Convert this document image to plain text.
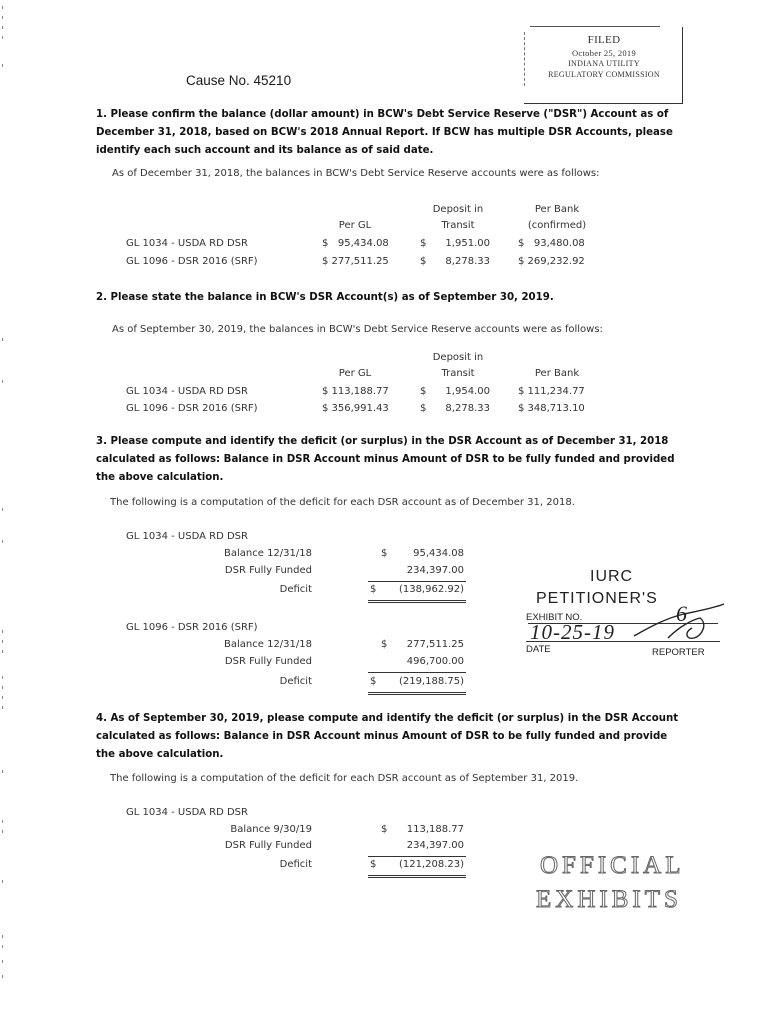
Cause No. 45210
FILED
October 25, 2019
INDIANA UTILITY
REGULATORY COMMISSION
1. Please confirm the balance (dollar amount) in BCW's Debt Service Reserve ("DSR") Account as of December 31, 2018, based on BCW's 2018 Annual Report. If BCW has multiple DSR Accounts, please identify each such account and its balance as of said date.
As of December 31, 2018, the balances in BCW's Debt Service Reserve accounts were as follows:
Per GL
Deposit in
Transit
Per Bank
(confirmed)
GL 1034 - USDA RD DSR	$   95,434.08	$      1,951.00	$   93,480.08
GL 1096 - DSR 2016 (SRF)	$ 277,511.25	$      8,278.33	$ 269,232.92
2. Please state the balance in BCW's DSR Account(s) as of September 30, 2019.
As of September 30, 2019, the balances in BCW's Debt Service Reserve accounts were as follows:
Per GL
Deposit in
Transit	Per Bank
GL 1034 - USDA RD DSR	$ 113,188.77	$      1,954.00	$ 111,234.77
GL 1096 - DSR 2016 (SRF)	$ 356,991.43	$      8,278.33	$ 348,713.10
3. Please compute and identify the deficit (or surplus) in the DSR Account as of December 31, 2018 calculated as follows: Balance in DSR Account minus Amount of DSR to be fully funded and provided the above calculation.
The following is a computation of the deficit for each DSR account as of December 31, 2018.
GL 1034 - USDA RD DSR
Balance 12/31/18	$	95,434.08
DSR Fully Funded	234,397.00
Deficit	$	(138,962.92)
GL 1096 - DSR 2016 (SRF)
Balance 12/31/18	$	277,511.25
DSR Fully Funded	496,700.00
Deficit	$	(219,188.75)
IURC
PETITIONER'S
EXHIBIT NO.	6
10-25-19
DATE	REPORTER
4. As of September 30, 2019, please compute and identify the deficit (or surplus) in the DSR Account calculated as follows: Balance in DSR Account minus Amount of DSR to be fully funded and provide the above calculation.
The following is a computation of the deficit for each DSR account as of September 31, 2019.
GL 1034 - USDA RD DSR
Balance 9/30/19	$	113,188.77
DSR Fully Funded	234,397.00
Deficit	$	(121,208.23)	OFFICIAL
EXHIBITS
